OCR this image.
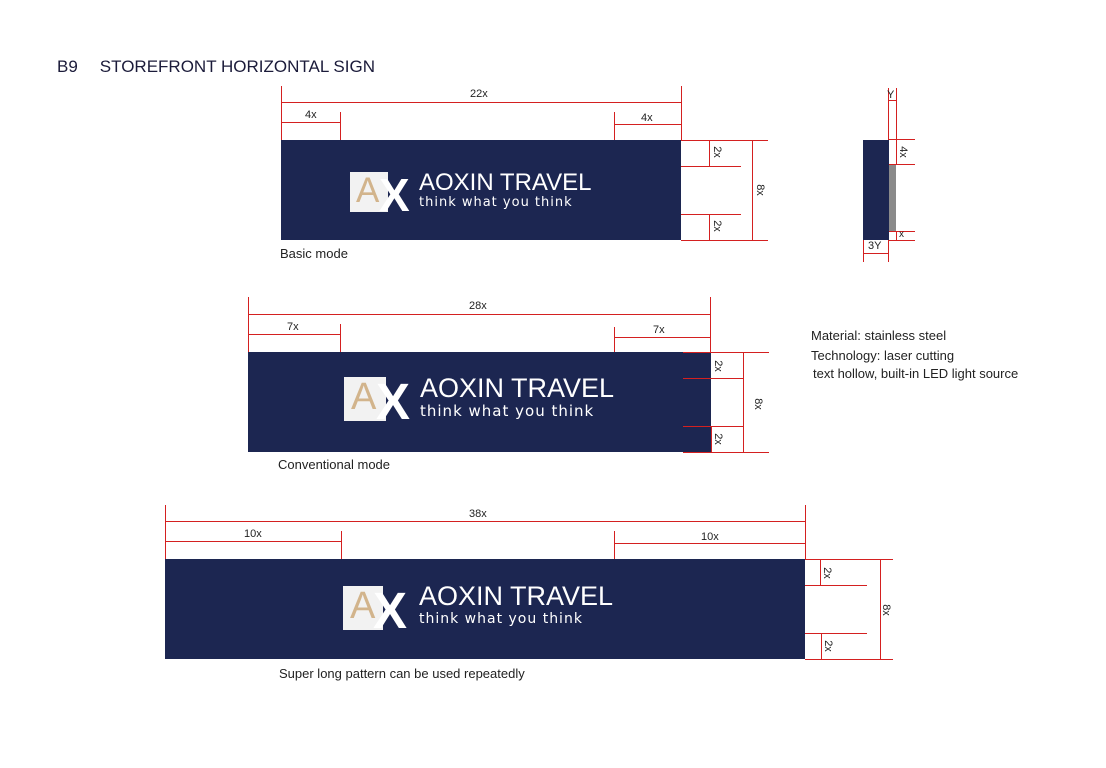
B9 STOREFRONT HORIZONTAL SIGN
22x
4x	4x
A X AOXIN TRAVEL
think what you think
2x
2x
8x
Basic mode
Y
4x
x
3Y
Material: stainless steel
Technology: laser cutting
text hollow, built-in LED light source
28x
7x	7x
A X AOXIN TRAVEL
think what you think
2x
2x
8x
Conventional mode
38x
10x	10x
A
X AOXIN TRAVEL
think what you think
2x
2x
8x
Super long pattern can be used repeatedly
